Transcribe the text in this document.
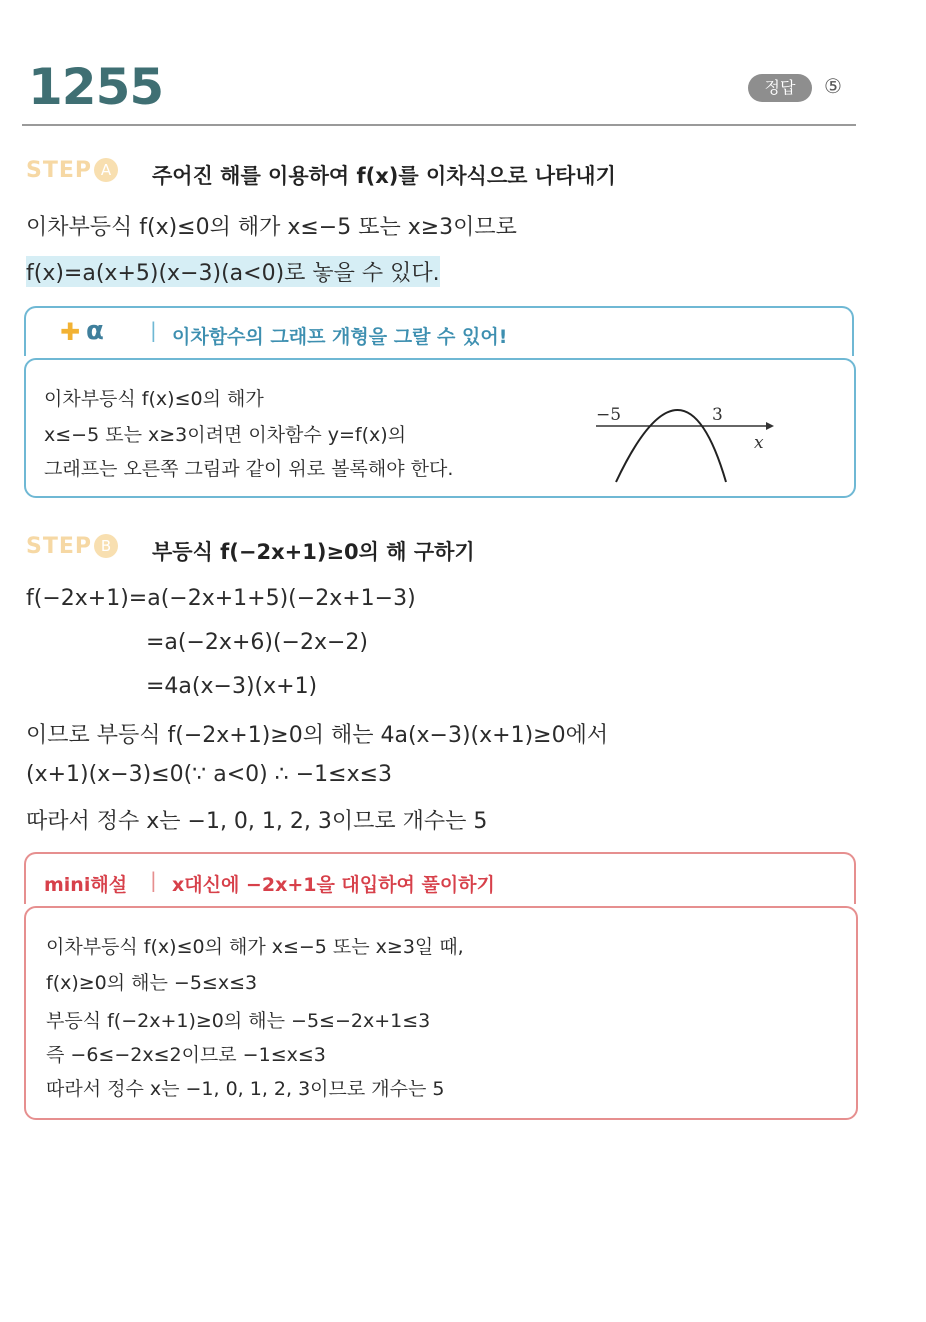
1255	정답	⑤
STEP A	주어진 해를 이용하여 f(x)를 이차식으로 나타내기
이차부등식 f(x)≤0의 해가 x≤−5 또는 x≥3이므로
f(x)=a(x+5)(x−3)(a<0)로 놓을 수 있다.
✚ α | 이차함수의 그래프 개형을 그랄 수 있어!
이차부등식 f(x)≤0의 해가
x≤−5 또는 x≥3이려면 이차함수 y=f(x)의
그래프는 오른쪽 그림과 같이 위로 볼록해야 한다.
−5	3
x
STEP B	부등식 f(−2x+1)≥0의 해 구하기
f(−2x+1)=a(−2x+1+5)(−2x+1−3)
=a(−2x+6)(−2x−2)
=4a(x−3)(x+1)
이므로 부등식 f(−2x+1)≥0의 해는 4a(x−3)(x+1)≥0에서
(x+1)(x−3)≤0(∵ a<0) ∴ −1≤x≤3
따라서 정수 x는 −1, 0, 1, 2, 3이므로 개수는 5
mini해설 | x대신에 −2x+1을 대입하여 풀이하기
이차부등식 f(x)≤0의 해가 x≤−5 또는 x≥3일 때,
f(x)≥0의 해는 −5≤x≤3
부등식 f(−2x+1)≥0의 해는 −5≤−2x+1≤3
즉 −6≤−2x≤2이므로 −1≤x≤3
따라서 정수 x는 −1, 0, 1, 2, 3이므로 개수는 5
